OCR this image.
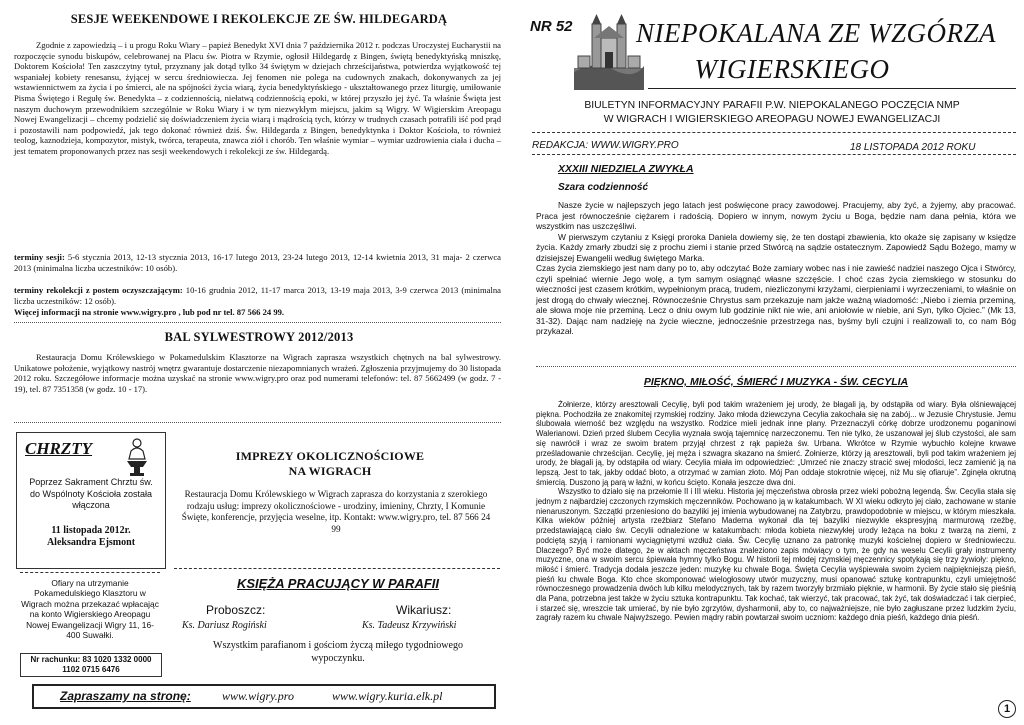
SESJE WEEKENDOWE I REKOLEKCJE ZE ŚW. HILDEGARDĄ
Zgodnie z zapowiedzią – i u progu Roku Wiary – papież Benedykt XVI dnia 7 października 2012 r. podczas Uroczystej Eucharystii na rozpoczęcie synodu biskupów, celebrowanej na Placu św. Piotra w Rzymie, ogłosił Hildegardę z Bingen, świętą benedyktyńską mniszkę, Doktorem Kościoła! Ten zaszczytny tytuł, przyznany jak dotąd tylko 34 świętym w dziejach chrześcijaństwa, potwierdza wyjątkowość tej wspaniałej kobiety renesansu, żyjącej w sercu średniowiecza. Jej fenomen nie polega na cudownych znakach, dokonywanych za jej wstawiennictwem za życia i po śmierci, ale na spójności życia wiarą, życia benedyktyńskiego - ukształtowanego przez liturgię, umiłowanie Pisma Świętego i Regułę św. Benedykta – z codziennością, niełatwą codziennością epoki, w której przyszło jej żyć. Ta właśnie Święta jest naszym duchowym przewodnikiem szczególnie w Roku Wiary i w tym niezwykłym miejscu, jakim są Wigry. W Wigierskim Areopagu Nowej Ewangelizacji – chcemy podzielić się doświadczeniem życia wiarą i mądrością tych, którzy w trudnych czasach potrafili iść pod prąd i pozostawili nam podpowiedź, jak tego dokonać również dziś. Św. Hildegarda z Bingen, benedyktynka i Doktor Kościoła, to również teolog, kaznodzieja, kompozytor, mistyk, twórca, terapeuta, znawca ziół i chorób. Ten właśnie wymiar – wymiar uzdrowienia ciała i ducha – jest tematem proponowanych przez nas sesji weekendowych i rekolekcji ze św. Hildegardą.
terminy sesji: 5-6 stycznia 2013, 12-13 stycznia 2013, 16-17 lutego 2013, 23-24 lutego 2013, 12-14 kwietnia 2013, 31 maja- 2 czerwca 2013 (minimalna liczba uczestników: 10 osób).
terminy rekolekcji z postem oczyszczającym: 10-16 grudnia 2012, 11-17 marca 2013, 13-19 maja 2013, 3-9 czerwca 2013 (minimalna liczba uczestników: 12 osób).
Więcej informacji na stronie www.wigry.pro , lub pod nr tel. 87 566 24 99.
BAL SYLWESTROWY 2012/2013
Restauracja Domu Królewskiego w Pokamedulskim Klasztorze na Wigrach zaprasza wszystkich chętnych na bal sylwestrowy. Unikatowe położenie, wyjątkowy nastrój wnętrz gwarantuje dostarczenie niezapomnianych wrażeń. Zgłoszenia przyjmujemy do 30 listopada 2012 roku. Szczegółowe informacje można uzyskać na stronie www.wigry.pro oraz pod numerami telefonów: tel. 87 5662499 (w godz. 7 - 19), tel. 87 7351358 (w godz. 10 - 17).
CHRZTY
Poprzez Sakrament Chrztu św. do Wspólnoty Kościoła została włączona
11 listopada 2012r.
Aleksandra Ejsmont
Ofiary na utrzymanie Pokamedulskiego Klasztoru w Wigrach można przekazać wpłacając na konto Wigierskiego Areopagu Nowej Ewangelizacji Wigry 11, 16-400 Suwałki.
Nr rachunku: 83 1020 1332 0000 1102 0715 6476
IMPREZY OKOLICZNOŚCIOWE NA WIGRACH
Restauracja Domu Królewskiego w Wigrach zaprasza do korzystania z szerokiego rodzaju usług: imprezy okolicznościowe - urodziny, imieniny, Chrzty, I Komunie Święte, konferencje, przyjęcia weselne, itp. Kontakt: www.wigry.pro, tel. 87 566 24 99
KSIĘŻA PRACUJĄCY W PARAFII
Proboszcz:
Ks. Dariusz Rogiński
Wikariusz:
Ks. Tadeusz Krzywiński
Wszystkim parafianom i gościom życzą miłego tygodniowego wypoczynku.
Zapraszamy na stronę:	www.wigry.pro	www.wigry.kuria.elk.pl
NR 52	NIEPOKALANA ZE WZGÓRZA
WIGIERSKIEGO
BIULETYN INFORMACYJNY PARAFII P.W. NIEPOKALANEGO POCZĘCIA NMP
W WIGRACH I WIGIERSKIEGO AREOPAGU NOWEJ EWANGELIZACJI
REDAKCJA: WWW.WIGRY.PRO	18 LISTOPADA 2012 ROKU
XXXIII NIEDZIELA ZWYKŁA
Szara codzienność

Nasze życie w najlepszych jego latach jest poświęcone pracy zawodowej. Pracujemy, aby żyć, a żyjemy, aby pracować. Praca jest równocześnie ciężarem i radością. Dopiero w innym, nowym życiu u Boga, będzie nam dana pełnia, która we wszystkim nas uszczęśliwi.

W pierwszym czytaniu z Księgi proroka Daniela dowiemy się, że ten dostąpi zbawienia, kto okaże się zapisany w księdze życia. Każdy zmarły zbudzi się z prochu ziemi i stanie przed Stwórcą na sądzie ostatecznym. Zapowiedź Sądu Bożego, mamy w dzisiejszej Ewangelii według świętego Marka.

Czas życia ziemskiego jest nam dany po to, aby odczytać Boże zamiary wobec nas i nie zawieść nadziei naszego Ojca i Stwórcy, czyli spełniać wiernie Jego wolę, a tym samym osiągnąć własne szczęście. I choć czas życia ziemskiego w stosunku do wieczności jest czasem krótkim, wypełnionym pracą, trudem, niezliczonymi krzyżami, cierpieniami i wyrzeczeniami, to właśnie on jest drogą do chwały wiecznej. Równocześnie Chrystus sam przekazuje nam jakże ważną wiadomość: „Niebo i ziemia przeminą, ale słowa moje nie przeminą. Lecz o dniu owym lub godzinie nikt nie wie, ani aniołowie w niebie, ani Syn, tylko Ojciec.” (Mk 13, 31-32). Dając nam nadzieję na życie wieczne, jednocześnie przestrzega nas, byśmy byli czujni i realizowali to, co nam Bóg przykazał.

PIĘKNO, MIŁOŚĆ, ŚMIERĆ I MUZYKA - ŚW. CECYLIA

Żołnierze, którzy aresztowali Cecylię, byli pod takim wrażeniem jej urody, że błagali ją, by odstąpiła od wiary. Była olśniewającej piękna. Pochodziła ze znakomitej rzymskiej rodziny. Jako młoda dziewczyna Cecylia zakochała się na zabój... w Jezusie Chrystusie. Jemu ślubowała wierność bez względu na wszystko. Rodzice mieli jednak inne plany. Przeznaczyli córkę dobrze urodzonemu poganinowi Walerianowi. Dzień przed ślubem Cecylia wyznała swoją tajemnicę narzeczonemu. Ten nie tylko, że uszanował jej ślub czystości, ale sam się nawrócił i wraz ze swoim bratem przyjął chrzest z rąk papieża św. Urbana. Wkrótce w Rzymie wybuchło kolejne krwawe prześladowanie chrześcijan. Cecylię, jej męża i szwagra skazano na śmierć. Żołnierze, którzy ją aresztowali, byli pod takim wrażeniem jej urody, że błagali ją, by odstąpiła od wiary. Cecylia miała im odpowiedzieć: „Umrzeć nie znaczy stracić swej młodości, lecz zamienić ją na lepszą. Jest to tak, jakby oddać błoto, a otrzymać w zamian złoto. Mój Pan oddaje stokrotnie więcej, niż Mu się ofiaruje”. Zginęła okrutną śmiercią. Duszono ją parą w łaźni, w końcu ścięto. Konała jeszcze dwa dni.

Wszystko to działo się na przełomie II i III wieku. Historia jej męczeństwa obrosła przez wieki pobożną legendą. Św. Cecylia stała się jednym z najbardziej czczonych rzymskich męczenników. Pochowano ją w katakumbach. W XI wieku odkryto jej ciało, zachowane w stanie nienaruszonym. Szczątki przeniesiono do bazyliki jej imienia wybudowanej na Zatybrzu, prawdopodobnie w miejscu, w którym mieszkała. Kilka wieków później artysta rzeźbiarz Stefano Maderna wykonał dla tej bazyliki niezwykle ekspresyjną marmurową rzeźbę, przedstawiającą ciało św. Cecylii odnalezione w katakumbach: młoda kobieta niezwykłej urody leżąca na boku z twarzą na ziemi, z podciętą szyją i ramionami wyciągniętymi wzdłuż ciała. Św. Cecylię uznano za patronkę muzyki kościelnej dopiero w średniowieczu. Dlaczego? Być może dlatego, że w aktach męczeństwa znaleziono zapis mówiący o tym, że gdy na weselu Cecylii grały instrumenty muzyczne, ona w swoim sercu śpiewała hymny tylko Bogu. W historii tej młodej rzymskiej męczennicy spotykają się trzy żywioły: piękno, miłość i śmierć. Tradycja dodała jeszcze jeden: muzykę ku chwale Boga. Święta Cecylia wyśpiewała swoim życiem najpiękniejszą pieśń, pieśń ku chwale Boga. Kto chce skomponować wielogłosowy utwór muzyczny, musi opanować sztukę kontrapunktu, czyli umiejętność równoczesnego prowadzenia dwóch lub kilku melodycznych, tak by razem tworzyły brzmiało pięknie, w harmonii. By życie stało się pieśnią dla Pana, potrzebna jest także w życiu sztuka kontrapunktu. Tak kochać, tak wierzyć, tak pracować, tak żyć, tak doświadczać i tak cierpieć, i starzeć się, wreszcie tak umierać, by nie było zgrzytów, dysharmonii, aby to, co najważniejsze, nie było zagłuszane przez ludzkim życiu, zagrały razem ku chwale Najwyższego. Pewien mądry rabin powtarzał swoim uczniom: każdego dnia pieśń, każdego dnia pieśń.

1
